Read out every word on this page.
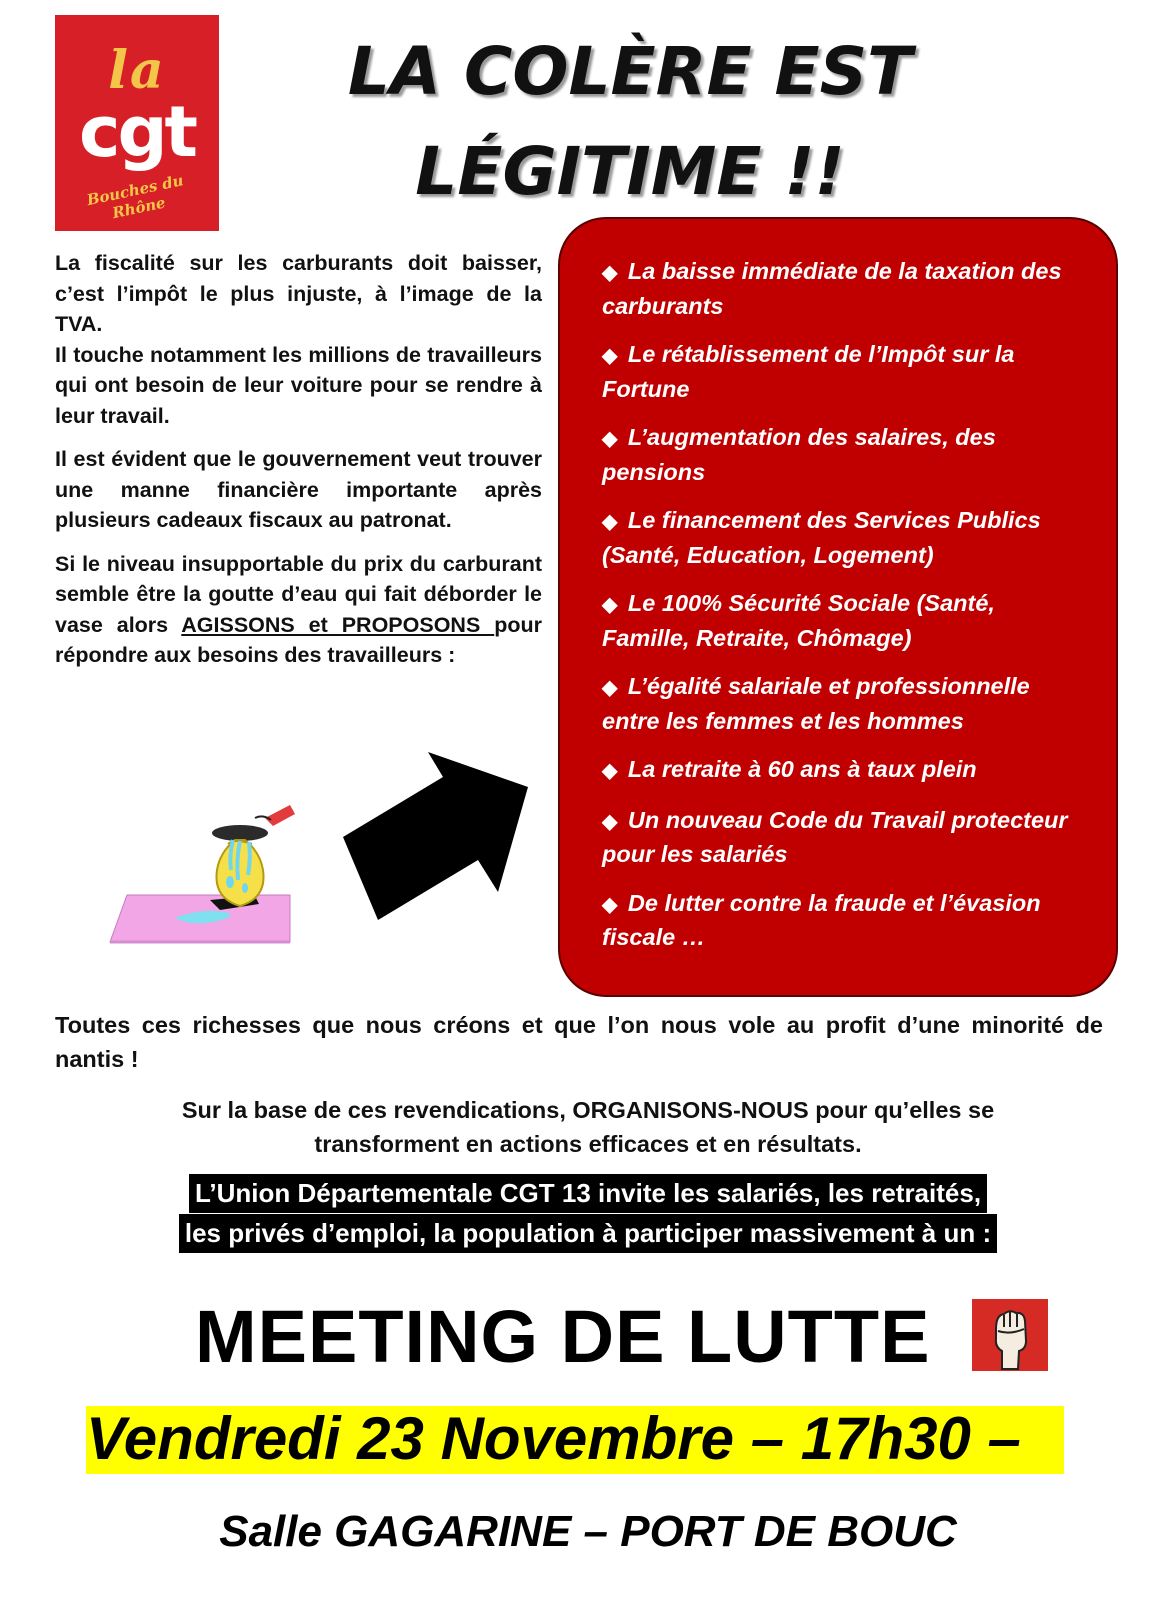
la
cgt
Bouches du Rhône
LA COLÈRE EST
LÉGITIME !!

La fiscalité sur les carburants doit baisser, c’est l’impôt le plus injuste, à l’image de la TVA.
Il touche notamment les millions de travailleurs qui ont besoin de leur voiture pour se rendre à leur travail.

Il est évident que le gouvernement veut trouver une manne financière importante après plusieurs cadeaux fiscaux au patronat.

Si le niveau insupportable du prix du carburant semble être la goutte d’eau qui fait déborder le vase alors AGISSONS et PROPOSONS pour répondre aux besoins des travailleurs :

◆ La baisse immédiate de la taxation des carburants
◆ Le rétablissement de l’Impôt sur la Fortune
◆ L’augmentation des salaires, des pensions
◆ Le financement des Services Publics (Santé, Education, Logement)
◆ Le 100% Sécurité Sociale (Santé, Famille, Retraite, Chômage)
◆ L’égalité salariale et professionnelle entre les femmes et les hommes
◆ La retraite à 60 ans à taux plein
◆ Un nouveau Code du Travail protecteur pour les salariés
◆ De lutter contre la fraude et l’évasion fiscale …
Toutes ces richesses que nous créons et que l’on nous vole au profit d’une minorité de nantis !
Sur la base de ces revendications, ORGANISONS-NOUS pour qu’elles se
transforment en actions efficaces et en résultats.
L’Union Départementale CGT 13 invite les salariés, les retraités,
les privés d’emploi, la population à participer massivement à un :
MEETING DE LUTTE
Vendredi 23 Novembre – 17h30 –
Salle GAGARINE – PORT DE BOUC
